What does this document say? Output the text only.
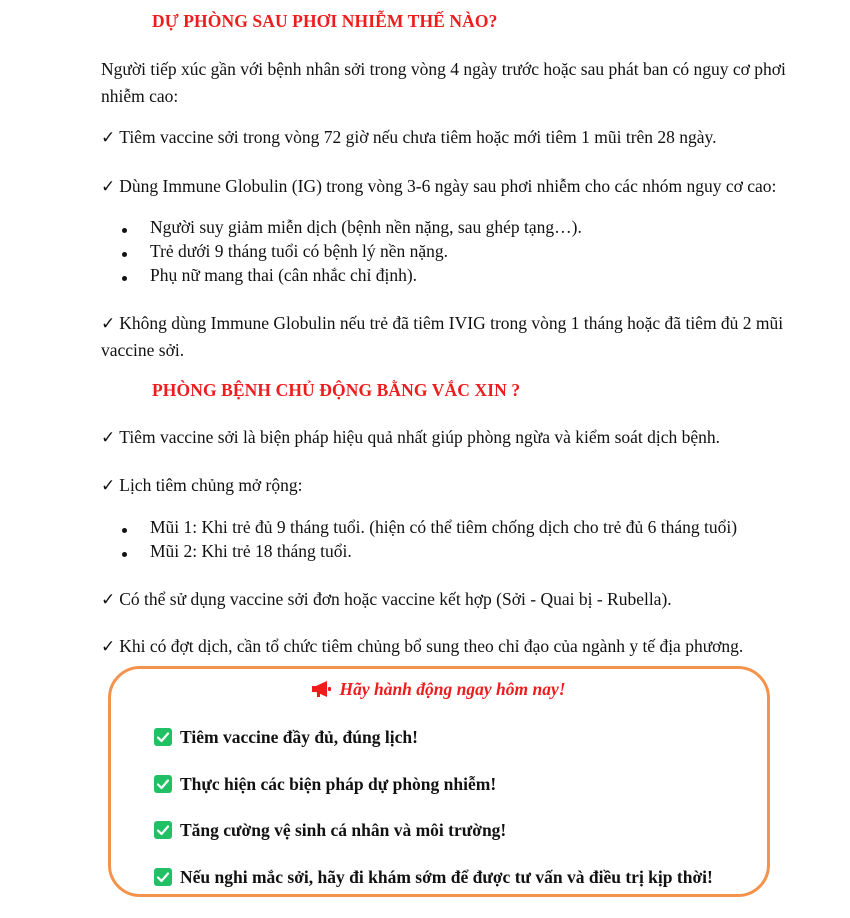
DỰ PHÒNG SAU PHƠI NHIỄM THẾ NÀO?
Người tiếp xúc gần với bệnh nhân sởi trong vòng 4 ngày trước hoặc sau phát ban có nguy cơ phơi
nhiễm cao:
✓ Tiêm vaccine sởi trong vòng 72 giờ nếu chưa tiêm hoặc mới tiêm 1 mũi trên 28 ngày.
✓ Dùng Immune Globulin (IG) trong vòng 3-6 ngày sau phơi nhiễm cho các nhóm nguy cơ cao:
Người suy giảm miễn dịch (bệnh nền nặng, sau ghép tạng…).
Trẻ dưới 9 tháng tuổi có bệnh lý nền nặng.
Phụ nữ mang thai (cân nhắc chỉ định).
✓ Không dùng Immune Globulin nếu trẻ đã tiêm IVIG trong vòng 1 tháng hoặc đã tiêm đủ 2 mũi
vaccine sởi.
PHÒNG BỆNH CHỦ ĐỘNG BẰNG VẮC XIN ?
✓ Tiêm vaccine sởi là biện pháp hiệu quả nhất giúp phòng ngừa và kiểm soát dịch bệnh.
✓ Lịch tiêm chủng mở rộng:
Mũi 1: Khi trẻ đủ 9 tháng tuổi. (hiện có thể tiêm chống dịch cho trẻ đủ 6 tháng tuổi)
Mũi 2: Khi trẻ 18 tháng tuổi.
✓ Có thể sử dụng vaccine sởi đơn hoặc vaccine kết hợp (Sởi - Quai bị - Rubella).
✓ Khi có đợt dịch, cần tổ chức tiêm chủng bổ sung theo chỉ đạo của ngành y tế địa phương.
Hãy hành động ngay hôm nay!
Tiêm vaccine đầy đủ, đúng lịch!
Thực hiện các biện pháp dự phòng nhiễm!
Tăng cường vệ sinh cá nhân và môi trường!
Nếu nghi mắc sởi, hãy đi khám sớm để được tư vấn và điều trị kịp thời!
